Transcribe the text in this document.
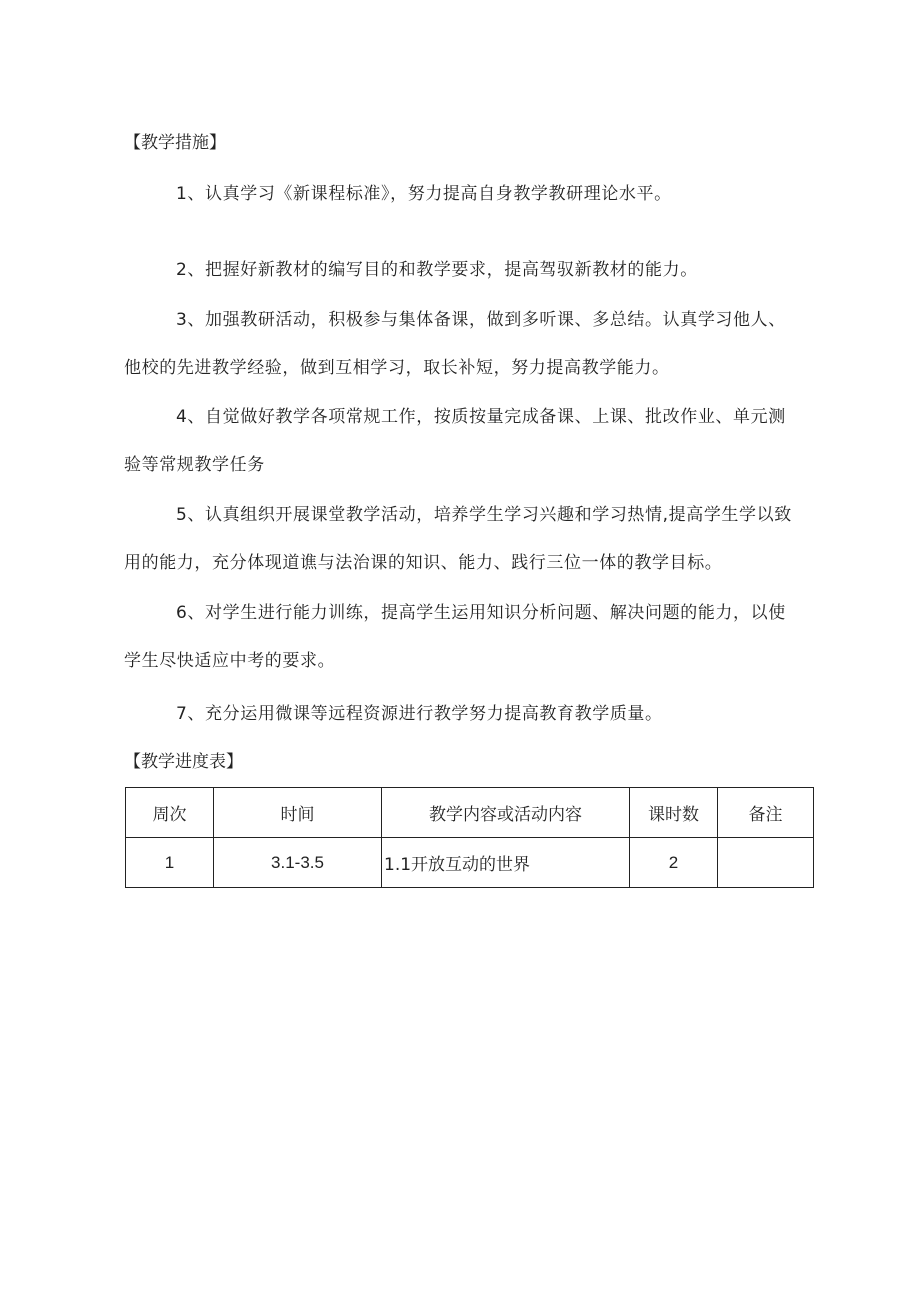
【教学措施】

1、认真学习《新课程标准》，努力提高自身教学教研理论水平。

2、把握好新教材的编写目的和教学要求，提高驾驭新教材的能力。

3、加强教研活动，积极参与集体备课，做到多听课、多总结。认真学习他人、他校的先进教学经验，做到互相学习，取长补短，努力提高教学能力。

4、自觉做好教学各项常规工作，按质按量完成备课、上课、批改作业、单元测验等常规教学任务

5、认真组织开展课堂教学活动，培养学生学习兴趣和学习热情,提高学生学以致用的能力，充分体现道谯与法治课的知识、能力、践行三位一体的教学目标。

6、对学生进行能力训练，提高学生运用知识分析问题、解决问题的能力，以使学生尽快适应中考的要求。

7、充分运用微课等远程资源进行教学努力提高教育教学质量。

【教学进度表】
周次	时间	教学内容或活动内容	课时数	备注
1	3.1-3.5	1.1开放互动的世界	2	
